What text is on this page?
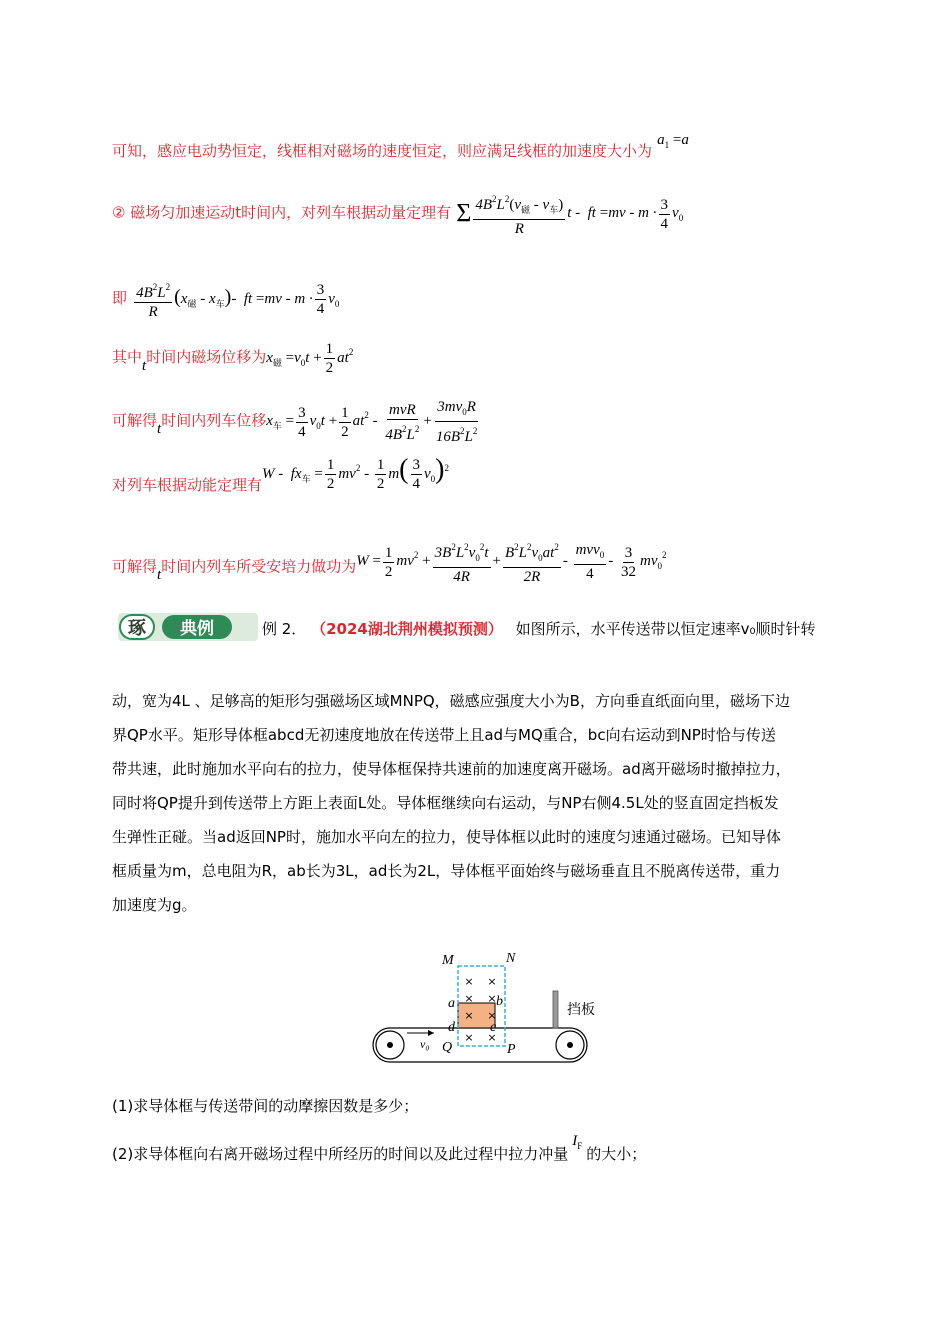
可知，感应电动势恒定，线框相对磁场的速度恒定，则应满足线框的加速度大小为 $a_1 =a$
② 磁场匀加速运动t时间内，对列车根据动量定理有 Σ $\frac{4B^2L^2(v_磁 - v_车)}{R}$ t -  ft $=mv - m \cdot \frac{3}{4} v_0$
即 $\frac{4B^2L^2}{R} (x_磁 - x_车)-$  ft $=mv - m \cdot \frac{3}{4} v_0$
其中t时间内磁场位移为$x_磁 =v_0t + \frac{1}{2} at^2$
可解得t时间内列车位移$x_车 = \frac{3}{4} v_0t + \frac{1}{2} at^2 - \frac{\text{mvR}}{4B^2L^2} + \frac{3mv_0R}{16B^2L^2}$
对列车根据动能定理有$W - fx_车 = \frac{1}{2} mv^2 - \frac{1}{2} m( \frac{3}{4} v_0)^2$
可解得t时间内列车所受安培力做功为$W = \frac{1}{2} mv^2 + \frac{3B^2L^2v_0^2t}{4R} + \frac{B^2L^2v_0at^2}{2R} - \frac{mvv_0}{4} - \frac{3}{32} mv_0^2$
琢 典例	例 2． （2024湖北荆州模拟预测） 如图所示，水平传送带以恒定速率v₀顺时针转
动，宽为4L 、足够高的矩形匀强磁场区域MNPQ，磁感应强度大小为B，方向垂直纸面向里，磁场下边
界QP水平。矩形导体框abcd无初速度地放在传送带上且ad与MQ重合，bc向右运动到NP时恰与传送
带共速，此时施加水平向右的拉力，使导体框保持共速前的加速度离开磁场。ad离开磁场时撤掉拉力，
同时将QP提升到传送带上方距上表面L处。导体框继续向右运动，与NP右侧4.5L处的竖直固定挡板发
生弹性正碰。当ad返回NP时，施加水平向左的拉力，使导体框以此时的速度匀速通过磁场。已知导体
框质量为m，总电阻为R，ab长为3L，ad长为2L，导体框平面始终与磁场垂直且不脱离传送带，重力
加速度为g。
挡板
× ×
× ×
× ×
× ×
M	N
a	b
c
d
Q	P
v₀
(1)求导体框与传送带间的动摩擦因数是多少；
(2)求导体框向右离开磁场过程中所经历的时间以及此过程中拉力冲量$I_F$ 的大小；
